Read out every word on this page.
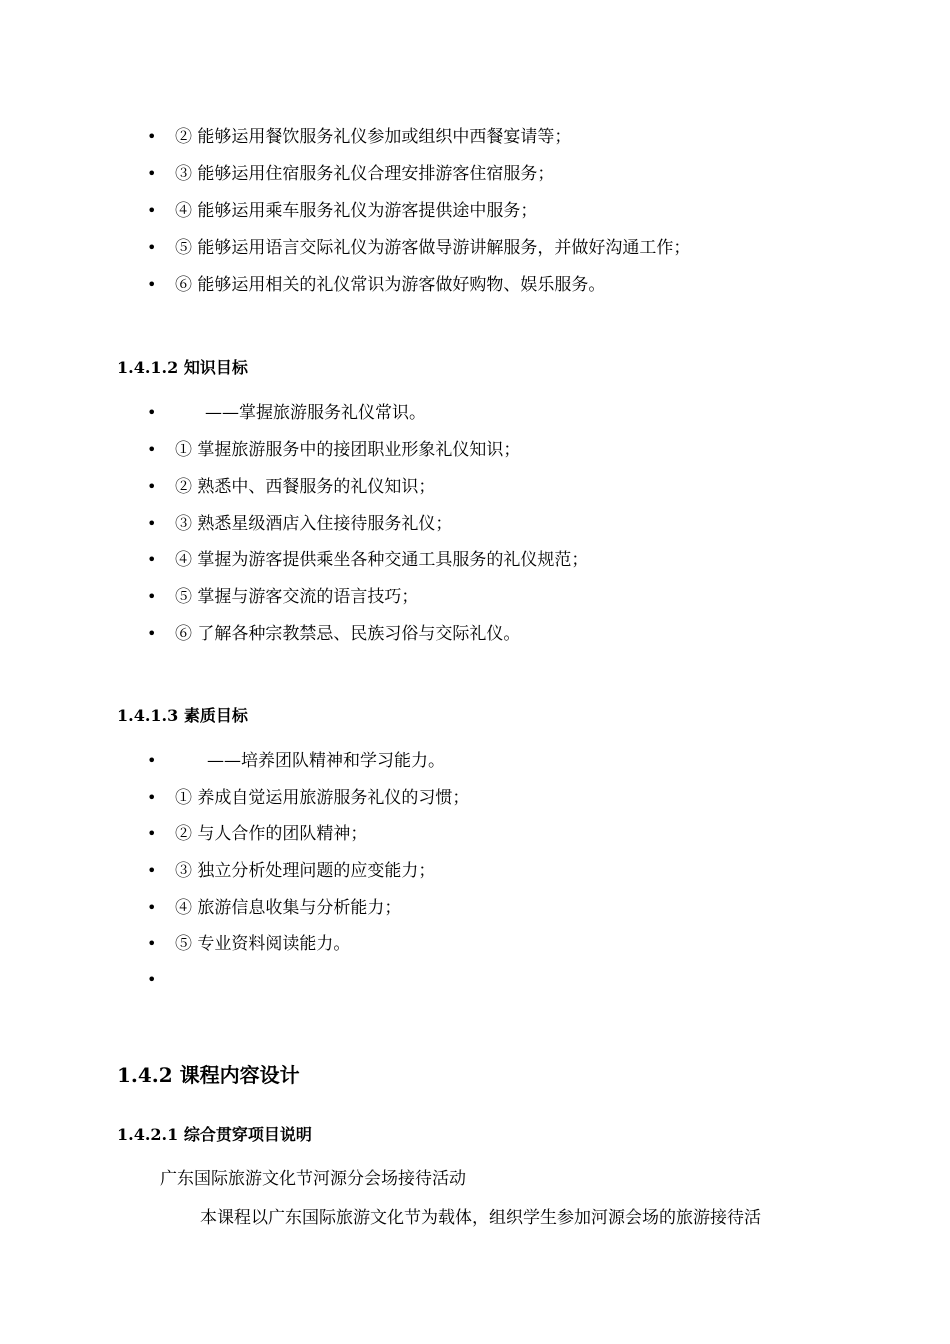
• ② 能够运用餐饮服务礼仪参加或组织中西餐宴请等；
• ③ 能够运用住宿服务礼仪合理安排游客住宿服务；
• ④ 能够运用乘车服务礼仪为游客提供途中服务；
• ⑤ 能够运用语言交际礼仪为游客做导游讲解服务，并做好沟通工作；
• ⑥ 能够运用相关的礼仪常识为游客做好购物、娱乐服务。
1.4.1.2 知识目标
•	——掌握旅游服务礼仪常识。
• ① 掌握旅游服务中的接团职业形象礼仪知识；
• ② 熟悉中、西餐服务的礼仪知识；
• ③ 熟悉星级酒店入住接待服务礼仪；
• ④ 掌握为游客提供乘坐各种交通工具服务的礼仪规范；
• ⑤ 掌握与游客交流的语言技巧；
• ⑥ 了解各种宗教禁忌、民族习俗与交际礼仪。
1.4.1.3 素质目标
•	——培养团队精神和学习能力。
• ① 养成自觉运用旅游服务礼仪的习惯；
• ② 与人合作的团队精神；
• ③ 独立分析处理问题的应变能力；
• ④ 旅游信息收集与分析能力；
• ⑤ 专业资料阅读能力。
•
1.4.2 课程内容设计
1.4.2.1 综合贯穿项目说明
广东国际旅游文化节河源分会场接待活动
本课程以广东国际旅游文化节为载体，组织学生参加河源会场的旅游接待活
